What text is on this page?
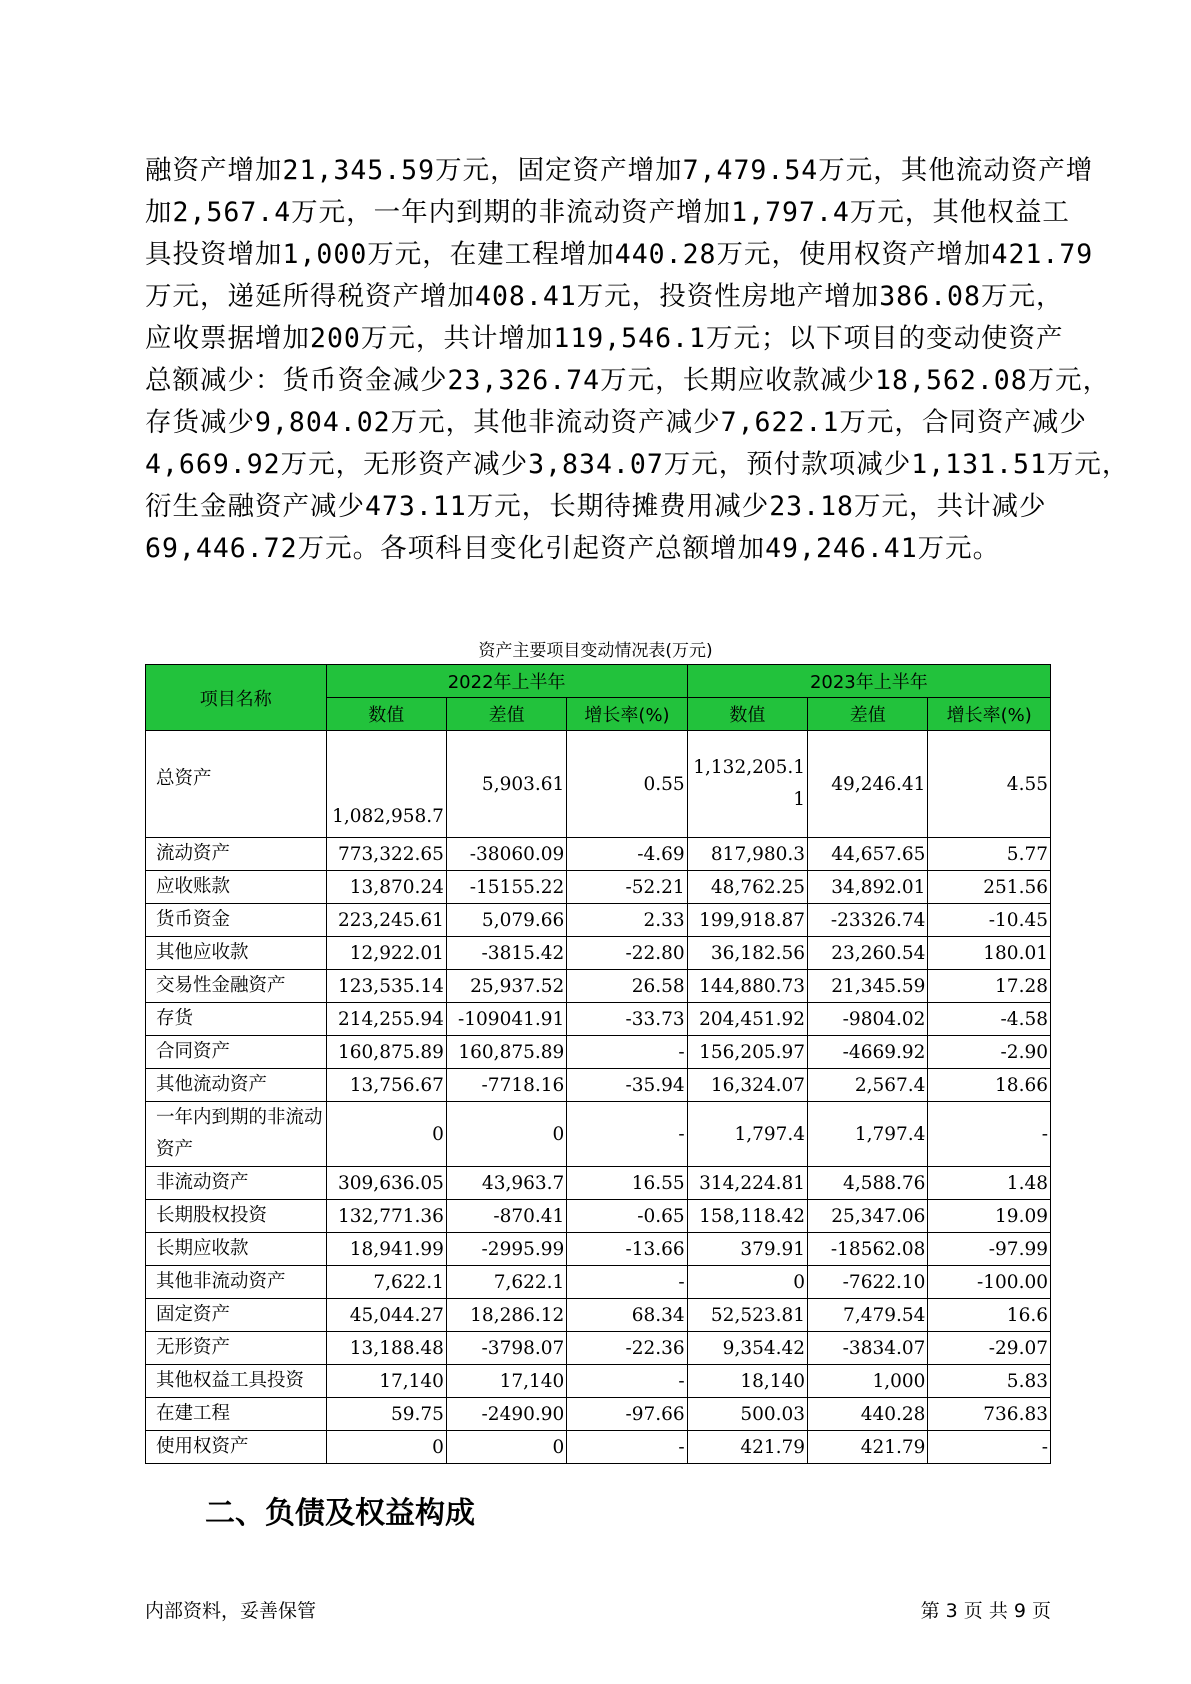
融资产增加21,345.59万元，固定资产增加7,479.54万元，其他流动资产增
加2,567.4万元，一年内到期的非流动资产增加1,797.4万元，其他权益工
具投资增加1,000万元，在建工程增加440.28万元，使用权资产增加421.79
万元，递延所得税资产增加408.41万元，投资性房地产增加386.08万元，
应收票据增加200万元，共计增加119,546.1万元；以下项目的变动使资产
总额减少：货币资金减少23,326.74万元，长期应收款减少18,562.08万元，
存货减少9,804.02万元，其他非流动资产减少7,622.1万元，合同资产减少
4,669.92万元，无形资产减少3,834.07万元，预付款项减少1,131.51万元，
衍生金融资产减少473.11万元，长期待摊费用减少23.18万元，共计减少
69,446.72万元。各项科目变化引起资产总额增加49,246.41万元。
资产主要项目变动情况表(万元)
项目名称	2022年上半年			2023年上半年		
	数值	差值	增长率(%)	数值	差值	增长率(%)
总资产	1,082,958.7	5,903.61	0.55	1,132,205.11	49,246.41	4.55
流动资产	773,322.65	-38060.09	-4.69	817,980.3	44,657.65	5.77
应收账款	13,870.24	-15155.22	-52.21	48,762.25	34,892.01	251.56
货币资金	223,245.61	5,079.66	2.33	199,918.87	-23326.74	-10.45
其他应收款	12,922.01	-3815.42	-22.80	36,182.56	23,260.54	180.01
交易性金融资产	123,535.14	25,937.52	26.58	144,880.73	21,345.59	17.28
存货	214,255.94	-109041.91	-33.73	204,451.92	-9804.02	-4.58
合同资产	160,875.89	160,875.89	-	156,205.97	-4669.92	-2.90
其他流动资产	13,756.67	-7718.16	-35.94	16,324.07	2,567.4	18.66
一年内到期的非流动资产	0	0	-	1,797.4	1,797.4	-
非流动资产	309,636.05	43,963.7	16.55	314,224.81	4,588.76	1.48
长期股权投资	132,771.36	-870.41	-0.65	158,118.42	25,347.06	19.09
长期应收款	18,941.99	-2995.99	-13.66	379.91	-18562.08	-97.99
其他非流动资产	7,622.1	7,622.1	-	0	-7622.10	-100.00
固定资产	45,044.27	18,286.12	68.34	52,523.81	7,479.54	16.6
无形资产	13,188.48	-3798.07	-22.36	9,354.42	-3834.07	-29.07
其他权益工具投资	17,140	17,140	-	18,140	1,000	5.83
在建工程	59.75	-2490.90	-97.66	500.03	440.28	736.83
使用权资产	0	0	-	421.79	421.79	-
二、负债及权益构成
内部资料，妥善保管	第 3 页 共 9 页
